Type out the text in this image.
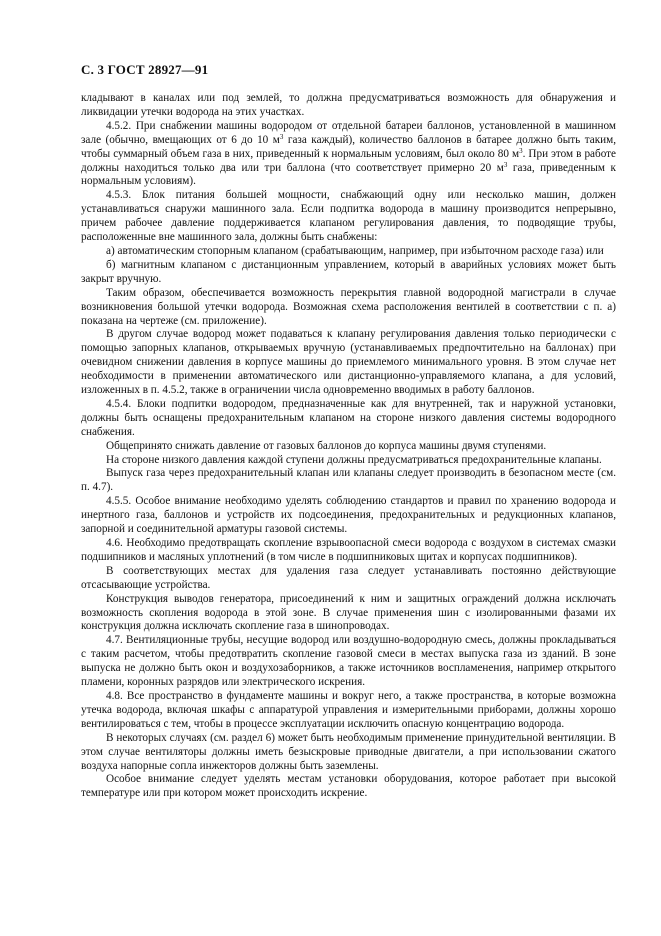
С. 3 ГОСТ 28927—91

кладывают в каналах или под землей, то должна предусматриваться возможность для обнаружения и ликвидации утечки водорода на этих участках.

4.5.2. При снабжении машины водородом от отдельной батареи баллонов, установленной в машинном зале (обычно, вмещающих от 6 до 10 $м^3$ газа каждый), количество баллонов в батарее должно быть таким, чтобы суммарный объем газа в них, приведенный к нормальным условиям, был около 80 $м^3$. При этом в работе должны находиться только два или три баллона (что соответствует примерно 20 $м^3$ газа, приведенным к нормальным условиям).

4.5.3. Блок питания большей мощности, снабжающий одну или несколько машин, должен устанавливаться снаружи машинного зала. Если подпитка водорода в машину производится непрерывно, причем рабочее давление поддерживается клапаном регулирования давления, то подводящие трубы, расположенные вне машинного зала, должны быть снабжены:

а) автоматическим стопорным клапаном (срабатывающим, например, при избыточном расходе газа) или

б) магнитным клапаном с дистанционным управлением, который в аварийных условиях может быть закрыт вручную.

Таким образом, обеспечивается возможность перекрытия главной водородной магистрали в случае возникновения большой утечки водорода. Возможная схема расположения вентилей в соответствии с п. а) показана на чертеже (см. приложение).

В другом случае водород может подаваться к клапану регулирования давления только периодически с помощью запорных клапанов, открываемых вручную (устанавливаемых предпочтительно на баллонах) при очевидном снижении давления в корпусе машины до приемлемого минимального уровня. В этом случае нет необходимости в применении автоматического или дистанционно-управляемого клапана, а для условий, изложенных в п. 4.5.2, также в ограничении числа одновременно вводимых в работу баллонов.

4.5.4. Блоки подпитки водородом, предназначенные как для внутренней, так и наружной установки, должны быть оснащены предохранительным клапаном на стороне низкого давления системы водородного снабжения.

Общепринято снижать давление от газовых баллонов до корпуса машины двумя ступенями.

На стороне низкого давления каждой ступени должны предусматриваться предохранительные клапаны.

Выпуск газа через предохранительный клапан или клапаны следует производить в безопасном месте (см. п. 4.7).

4.5.5. Особое внимание необходимо уделять соблюдению стандартов и правил по хранению водорода и инертного газа, баллонов и устройств их подсоединения, предохранительных и редукционных клапанов, запорной и соединительной арматуры газовой системы.

4.6. Необходимо предотвращать скопление взрывоопасной смеси водорода с воздухом в системах смазки подшипников и масляных уплотнений (в том числе в подшипниковых щитах и корпусах подшипников).

В соответствующих местах для удаления газа следует устанавливать постоянно действующие отсасывающие устройства.

Конструкция выводов генератора, присоединений к ним и защитных ограждений должна исключать возможность скопления водорода в этой зоне. В случае применения шин с изолированными фазами их конструкция должна исключать скопление газа в шинопроводах.

4.7. Вентиляционные трубы, несущие водород или воздушно-водородную смесь, должны прокладываться с таким расчетом, чтобы предотвратить скопление газовой смеси в местах выпуска газа из зданий. В зоне выпуска не должно быть окон и воздухозаборников, а также источников воспламенения, например открытого пламени, коронных разрядов или электрического искрения.

4.8. Все пространство в фундаменте машины и вокруг него, а также пространства, в которые возможна утечка водорода, включая шкафы с аппаратурой управления и измерительными приборами, должны хорошо вентилироваться с тем, чтобы в процессе эксплуатации исключить опасную концентрацию водорода.

В некоторых случаях (см. раздел 6) может быть необходимым применение принудительной вентиляции. В этом случае вентиляторы должны иметь безыскровые приводные двигатели, а при использовании сжатого воздуха напорные сопла инжекторов должны быть заземлены.

Особое внимание следует уделять местам установки оборудования, которое работает при высокой температуре или при котором может происходить искрение.
